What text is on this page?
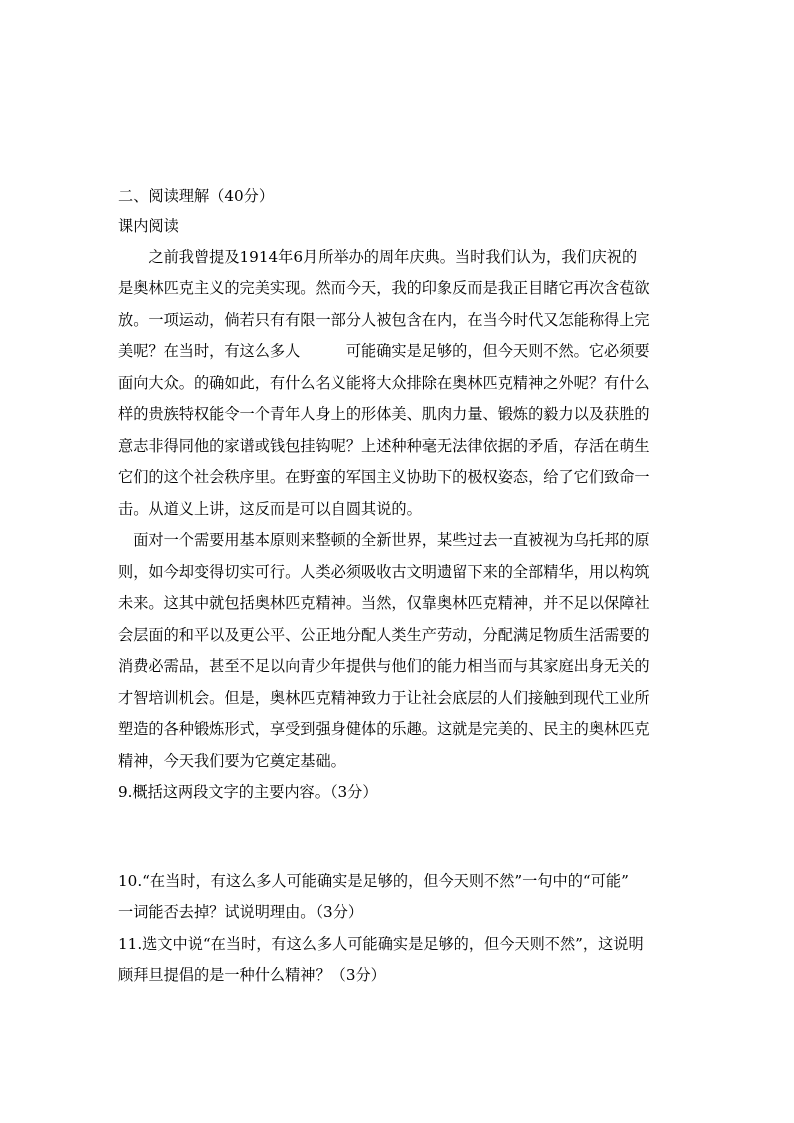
二、阅读理解（40分）
课内阅读
　　之前我曾提及1914年6月所举办的周年庆典。当时我们认为，我们庆祝的
是奥林匹克主义的完美实现。然而今天，我的印象反而是我正目睹它再次含苞欲
放。一项运动，倘若只有有限一部分人被包含在内，在当今时代又怎能称得上完
美呢？在当时，有这么多人　　　可能确实是足够的，但今天则不然。它必须要
面向大众。的确如此，有什么名义能将大众排除在奥林匹克精神之外呢？有什么
样的贵族特权能令一个青年人身上的形体美、肌肉力量、锻炼的毅力以及获胜的
意志非得同他的家谱或钱包挂钩呢？上述种种毫无法律依据的矛盾，存活在萌生
它们的这个社会秩序里。在野蛮的军国主义协助下的极权姿态，给了它们致命一
击。从道义上讲，这反而是可以自圆其说的。
　面对一个需要用基本原则来整顿的全新世界，某些过去一直被视为乌托邦的原
则，如今却变得切实可行。人类必须吸收古文明遗留下来的全部精华，用以构筑
未来。这其中就包括奥林匹克精神。当然，仅靠奥林匹克精神，并不足以保障社
会层面的和平以及更公平、公正地分配人类生产劳动，分配满足物质生活需要的
消费必需品，甚至不足以向青少年提供与他们的能力相当而与其家庭出身无关的
才智培训机会。但是，奥林匹克精神致力于让社会底层的人们接触到现代工业所
塑造的各种锻炼形式，享受到强身健体的乐趣。这就是完美的、民主的奥林匹克
精神，今天我们要为它奠定基础。
9.概括这两段文字的主要内容。（3分）
10.“在当时，有这么多人可能确实是足够的，但今天则不然”一句中的“可能”
一词能否去掉？试说明理由。（3分）
11.选文中说“在当时，有这么多人可能确实是足够的，但今天则不然”，这说明
顾拜旦提倡的是一种什么精神？（3分）
